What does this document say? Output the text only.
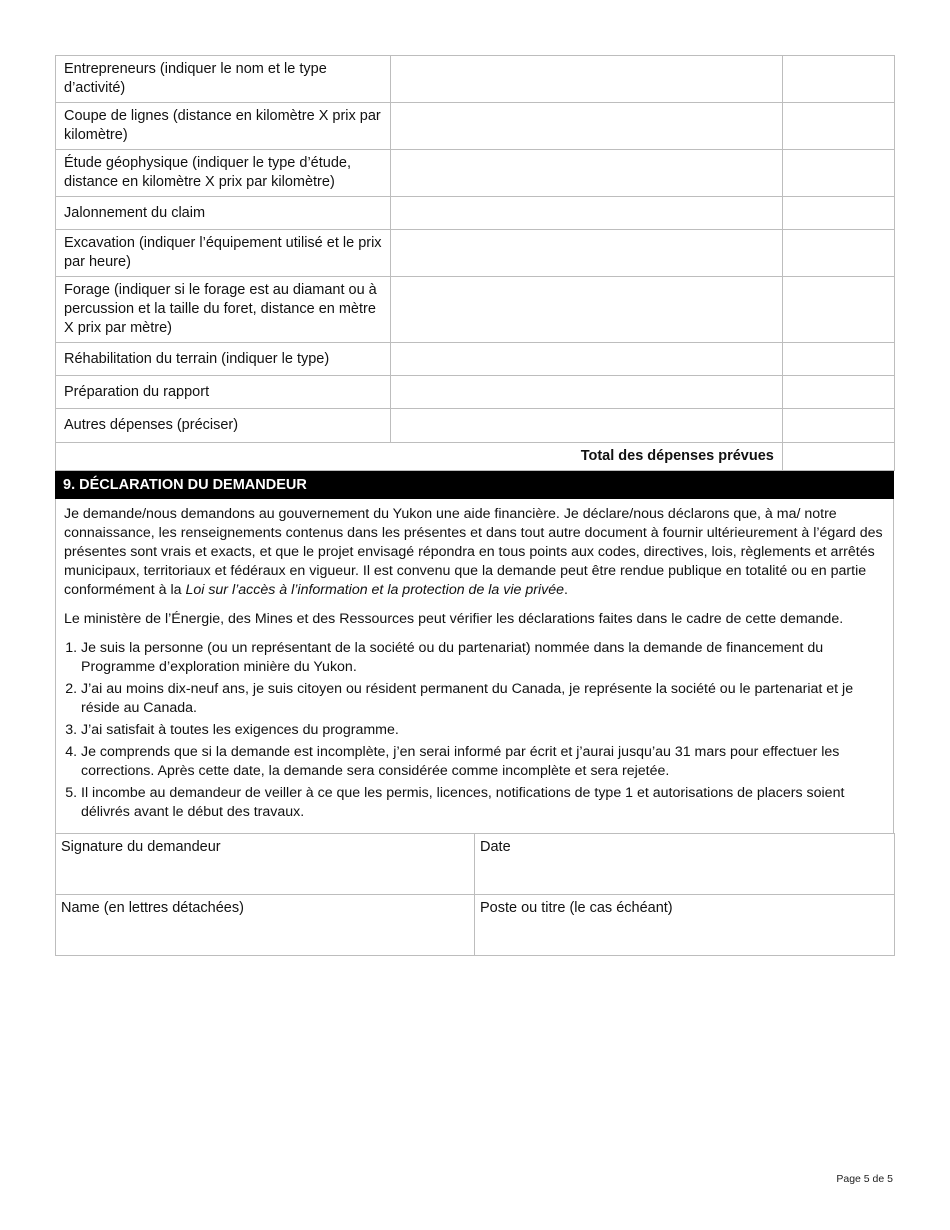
Entrepreneurs (indiquer le nom et le type d’activité)		
Coupe de lignes (distance en kilomètre X prix par kilomètre)		
Étude géophysique (indiquer le type d’étude, distance en kilomètre X prix par kilomètre)		
Jalonnement du claim		
Excavation (indiquer l’équipement utilisé et le prix par heure)		
Forage (indiquer si le forage est au diamant ou à percussion et la taille du foret, distance en mètre X prix par mètre)		
Réhabilitation du terrain (indiquer le type)		
Préparation du rapport		
Autres dépenses (préciser)		
Total des dépenses prévues		
9. DÉCLARATION DU DEMANDEUR

Je demande/nous demandons au gouvernement du Yukon une aide financière. Je déclare/nous déclarons que, à ma/ notre connaissance, les renseignements contenus dans les présentes et dans tout autre document à fournir ultérieurement à l’égard des présentes sont vrais et exacts, et que le projet envisagé répondra en tous points aux codes, directives, lois, règlements et arrêtés municipaux, territoriaux et fédéraux en vigueur. Il est convenu que la demande peut être rendue publique en totalité ou en partie conformément à la Loi sur l’accès à l’information et la protection de la vie privée.

Le ministère de l’Énergie, des Mines et des Ressources peut vérifier les déclarations faites dans le cadre de cette demande.

1. Je suis la personne (ou un représentant de la société ou du partenariat) nommée dans la demande de financement du Programme d’exploration minière du Yukon.
2. J’ai au moins dix-neuf ans, je suis citoyen ou résident permanent du Canada, je représente la société ou le partenariat et je réside au Canada.
3. J’ai satisfait à toutes les exigences du programme.
4. Je comprends que si la demande est incomplète, j’en serai informé par écrit et j’aurai jusqu’au 31 mars pour effectuer les corrections. Après cette date, la demande sera considérée comme incomplète et sera rejetée.
5. Il incombe au demandeur de veiller à ce que les permis, licences, notifications de type 1 et autorisations de placers soient délivrés avant le début des travaux.
Signature du demandeur	Date
Name (en lettres détachées)	Poste ou titre (le cas échéant)
Page 5 de 5
